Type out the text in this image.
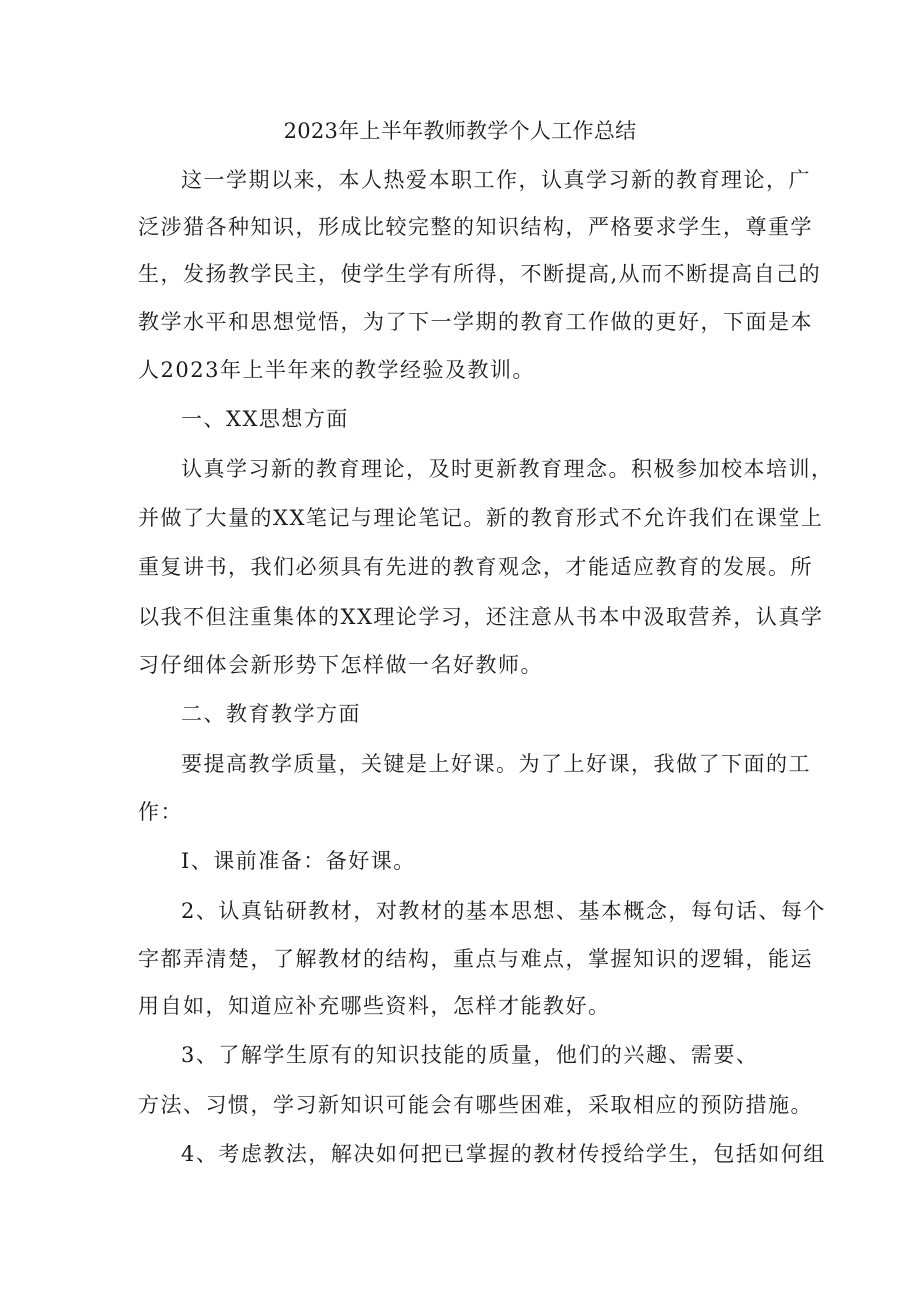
2023年上半年教师教学个人工作总结

这一学期以来，本人热爱本职工作，认真学习新的教育理论，广

泛涉猎各种知识，形成比较完整的知识结构，严格要求学生，尊重学

生，发扬教学民主，使学生学有所得，不断提高,从而不断提高自己的

教学水平和思想觉悟，为了下一学期的教育工作做的更好，下面是本

人2023年上半年来的教学经验及教训。

一、XX思想方面

认真学习新的教育理论，及时更新教育理念。积极参加校本培训，

并做了大量的XX笔记与理论笔记。新的教育形式不允许我们在课堂上

重复讲书，我们必须具有先进的教育观念，才能适应教育的发展。所

以我不但注重集体的XX理论学习，还注意从书本中汲取营养，认真学

习仔细体会新形势下怎样做一名好教师。

二、教育教学方面

要提高教学质量，关键是上好课。为了上好课，我做了下面的工

作：

I、课前准备：备好课。

2、认真钻研教材，对教材的基本思想、基本概念，每句话、每个

字都弄清楚，了解教材的结构，重点与难点，掌握知识的逻辑，能运

用自如，知道应补充哪些资料，怎样才能教好。

3、了解学生原有的知识技能的质量，他们的兴趣、需要、

方法、习惯，学习新知识可能会有哪些困难，采取相应的预防措施。

4、考虑教法，解决如何把已掌握的教材传授给学生，包括如何组
